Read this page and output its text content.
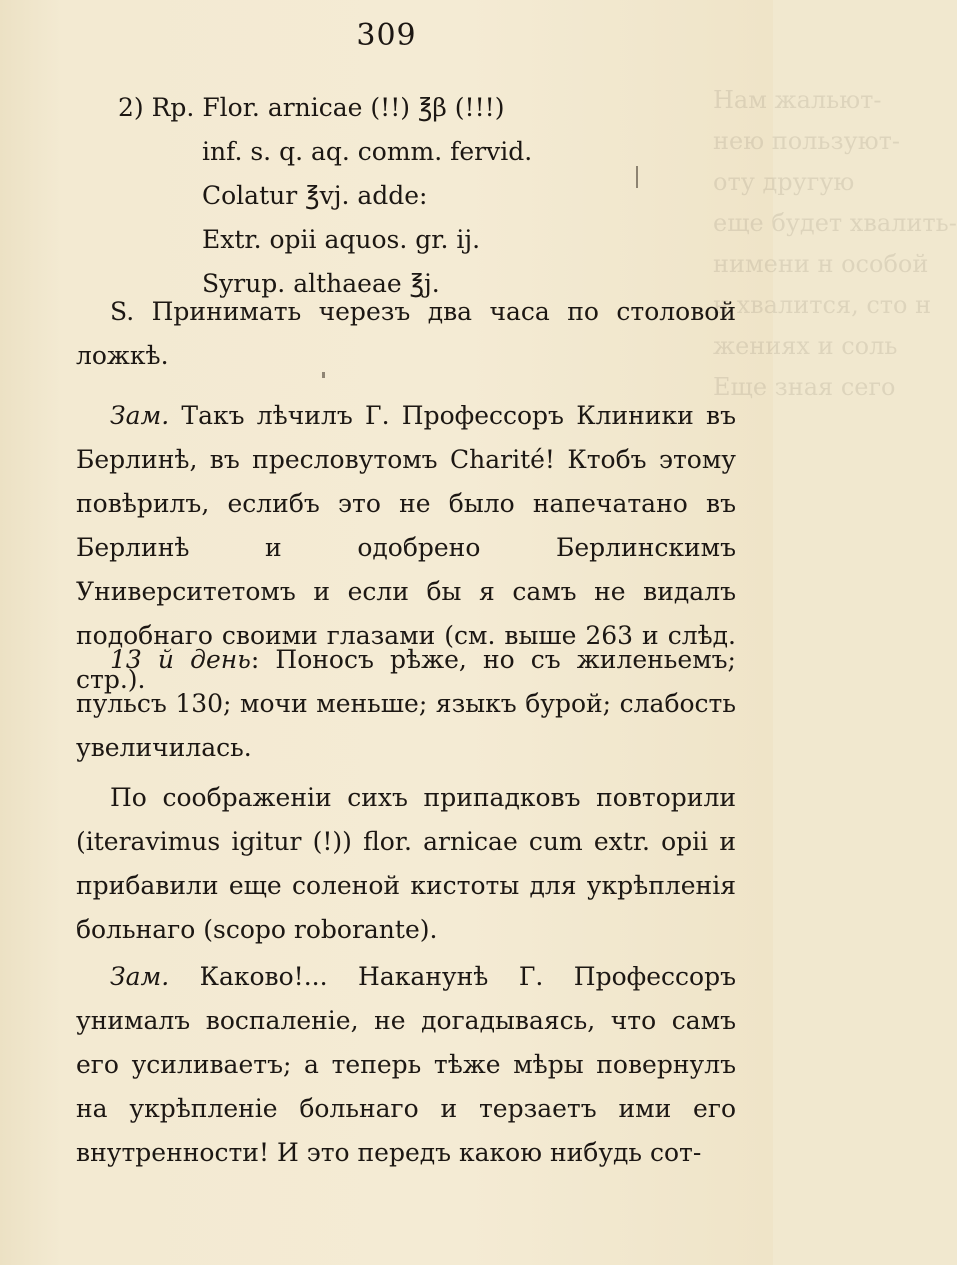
Нам жальют-
нею пользуют-
оту другую
еще будет хвалить-
нимени н особой
н хвалится, сто н
жениях и соль
Еще зная сего
309
2) Rp. Flor. arnicae (!!) ℥β (!!!)
inf. s. q. aq. comm. fervid.
Colatur ℥vj. adde:
Extr. opii aquos. gr. ij.
Syrup. althaeae ℥j.

S. Принимать черезъ два часа по столовой ложкѣ.

Зам. Такъ лѣчилъ Г. Профессоръ Клиники въ Берлинѣ, въ пресловутомъ Charité! Ктобъ этому повѣрилъ, еслибъ это не было напечатано въ Берлинѣ и одобрено Берлинскимъ Университетомъ и если бы я самъ не видалъ подобнаго своими глазами (см. выше 263 и слѣд. стр.).

13 й день: Поносъ рѣже, но съ жиленьемъ; пульсъ 130; мочи меньше; языкъ бурой; слабость увеличилась.

По соображеніи сихъ припадковъ повторили (iteravimus igitur (!)) flor. arnicae cum extr. opii и прибавили еще соленой кистоты для укрѣпленія больнаго (scopo roborante).

Зам. Каково!... Наканунѣ Г. Профессоръ унималъ воспаленіе, не догадываясь, что самъ его усиливаетъ; а теперь тѣже мѣры повернулъ на укрѣпленіе больнаго и терзаетъ ими его внутренности! И это передъ какою нибудь сот-
